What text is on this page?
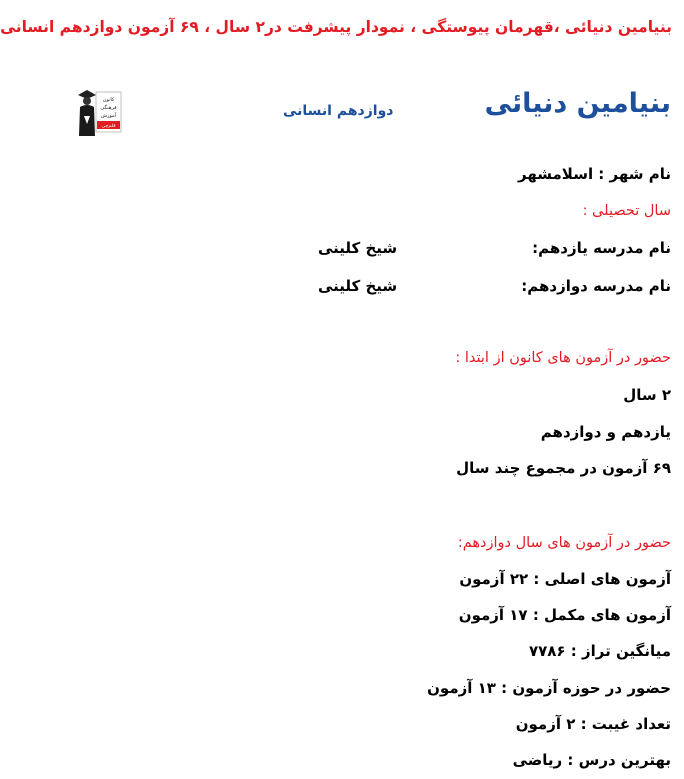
بنیامین دنیائی ،قهرمان پیوستگی ، نمودار پیشرفت در۲ سال ، ۶۹ آزمون دوازدهم انسانی
بنیامین دنیائی
دوازدهم انسانی
کانون
فرهنگی
آموزش
قلم‌چی
نام شهر : اسلامشهر
سال تحصیلی :
نام مدرسه یازدهم:
شیخ کلینی
نام مدرسه دوازدهم:
شیخ کلینی
حضور در آزمون های کانون از ابتدا :
۲ سال
یازدهم و دوازدهم
۶۹ آزمون در مجموع چند سال
حضور در آزمون های سال دوازدهم:
آزمون های اصلی : ۲۲ آزمون
آزمون های مکمل : ۱۷ آزمون
میانگین تراز : ۷۷۸۶
حضور در حوزه آزمون : ۱۳ آزمون
تعداد غیبت : ۲ آزمون
بهترین درس : ریاضی
